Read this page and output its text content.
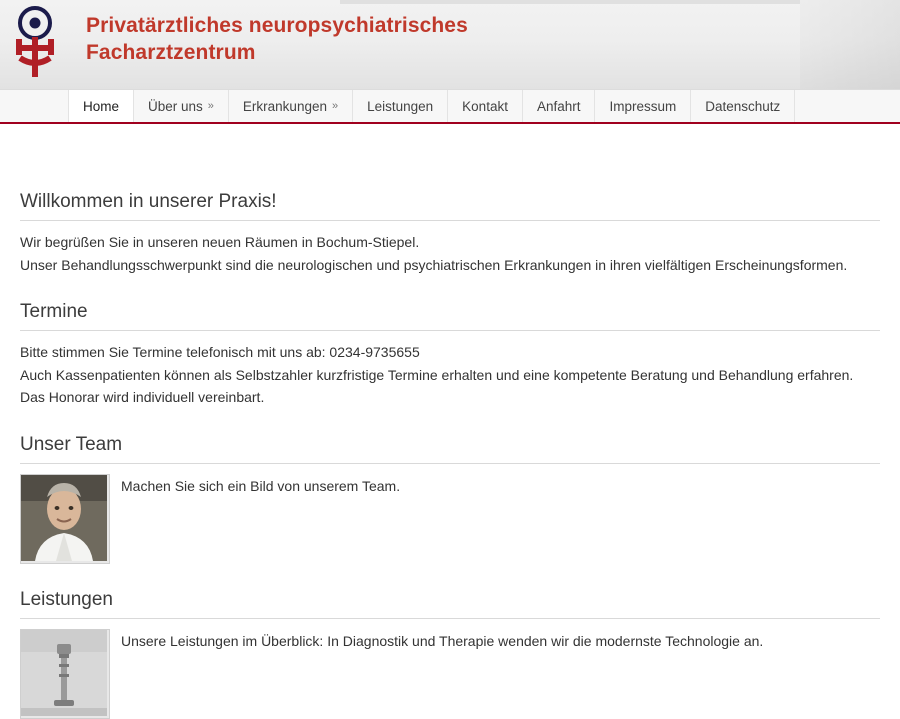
Privatärztliches neuropsychiatrisches
Facharztzentrum
Home Über uns » Erkrankungen » Leistungen Kontakt Anfahrt Impressum Datenschutz
Willkommen in unserer Praxis!
Wir begrüßen Sie in unseren neuen Räumen in Bochum-Stiepel.
Unser Behandlungsschwerpunkt sind die neurologischen und psychiatrischen Erkrankungen in ihren vielfältigen Erscheinungsformen.
Termine
Bitte stimmen Sie Termine telefonisch mit uns ab: 0234-9735655
Auch Kassenpatienten können als Selbstzahler kurzfristige Termine erhalten und eine kompetente Beratung und Behandlung erfahren.
Das Honorar wird individuell vereinbart.
Unser Team
Machen Sie sich ein Bild von unserem Team.
Leistungen
Unsere Leistungen im Überblick: In Diagnostik und Therapie wenden wir die modernste Technologie an.
